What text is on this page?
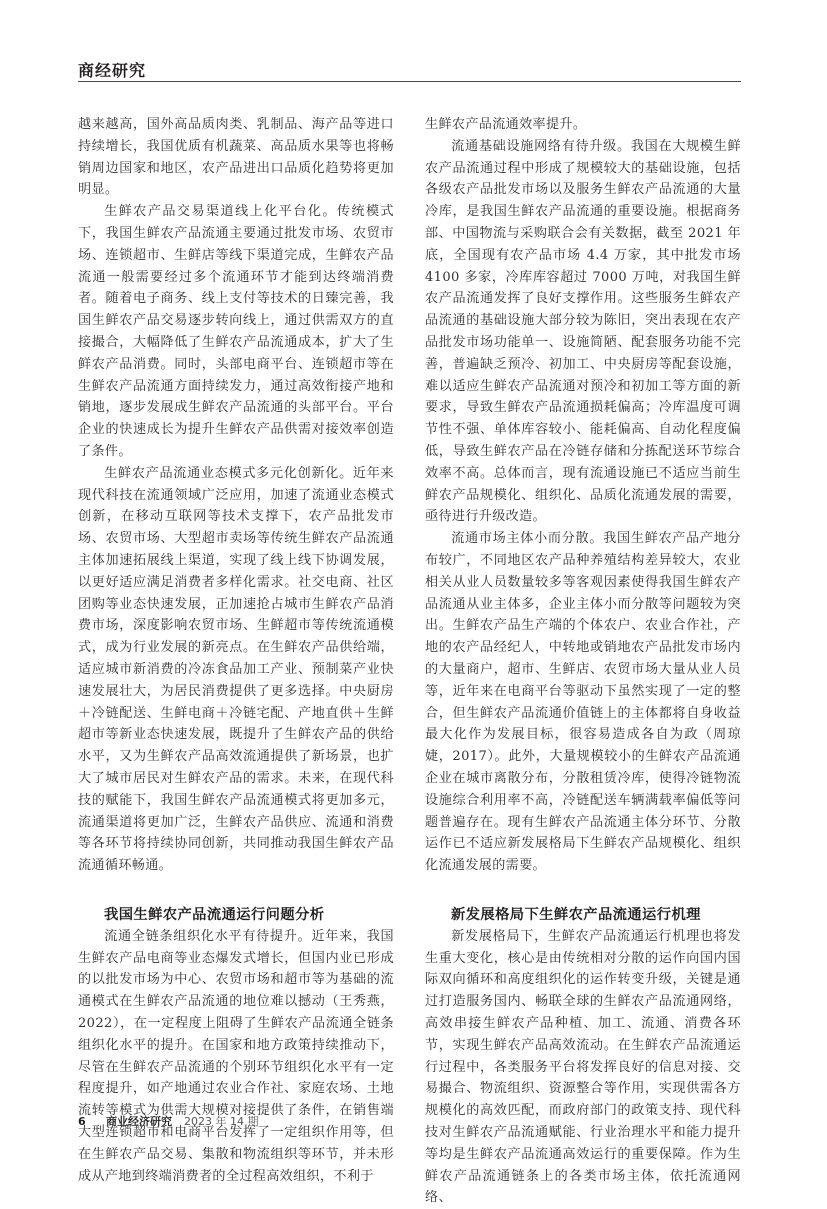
商经研究

越来越高，国外高品质肉类、乳制品、海产品等进口持续增长，我国优质有机蔬菜、高品质水果等也将畅销周边国家和地区，农产品进出口品质化趋势将更加明显。

生鲜农产品交易渠道线上化平台化。传统模式下，我国生鲜农产品流通主要通过批发市场、农贸市场、连锁超市、生鲜店等线下渠道完成，生鲜农产品流通一般需要经过多个流通环节才能到达终端消费者。随着电子商务、线上支付等技术的日臻完善，我国生鲜农产品交易逐步转向线上，通过供需双方的直接撮合，大幅降低了生鲜农产品流通成本，扩大了生鲜农产品消费。同时，头部电商平台、连锁超市等在生鲜农产品流通方面持续发力，通过高效衔接产地和销地，逐步发展成生鲜农产品流通的头部平台。平台企业的快速成长为提升生鲜农产品供需对接效率创造了条件。

生鲜农产品流通业态模式多元化创新化。近年来现代科技在流通领域广泛应用，加速了流通业态模式创新，在移动互联网等技术支撑下，农产品批发市场、农贸市场、大型超市卖场等传统生鲜农产品流通主体加速拓展线上渠道，实现了线上线下协调发展，以更好适应满足消费者多样化需求。社交电商、社区团购等业态快速发展，正加速抢占城市生鲜农产品消费市场，深度影响农贸市场、生鲜超市等传统流通模式，成为行业发展的新亮点。在生鲜农产品供给端，适应城市新消费的冷冻食品加工产业、预制菜产业快速发展壮大，为居民消费提供了更多选择。中央厨房＋冷链配送、生鲜电商＋冷链宅配、产地直供＋生鲜超市等新业态快速发展，既提升了生鲜农产品的供给水平，又为生鲜农产品高效流通提供了新场景，也扩大了城市居民对生鲜农产品的需求。未来，在现代科技的赋能下，我国生鲜农产品流通模式将更加多元，流通渠道将更加广泛，生鲜农产品供应、流通和消费等各环节将持续协同创新，共同推动我国生鲜农产品流通循环畅通。

我国生鲜农产品流通运行问题分析

流通全链条组织化水平有待提升。近年来，我国生鲜农产品电商等业态爆发式增长，但国内业已形成的以批发市场为中心、农贸市场和超市等为基础的流通模式在生鲜农产品流通的地位难以撼动（王秀燕，2022），在一定程度上阻碍了生鲜农产品流通全链条组织化水平的提升。在国家和地方政策持续推动下，尽管在生鲜农产品流通的个别环节组织化水平有一定程度提升，如产地通过农业合作社、家庭农场、土地流转等模式为供需大规模对接提供了条件，在销售端大型连锁超市和电商平台发挥了一定组织作用等，但在生鲜农产品交易、集散和物流组织等环节，并未形成从产地到终端消费者的全过程高效组织，不利于

生鲜农产品流通效率提升。

流通基础设施网络有待升级。我国在大规模生鲜农产品流通过程中形成了规模较大的基础设施，包括各级农产品批发市场以及服务生鲜农产品流通的大量冷库，是我国生鲜农产品流通的重要设施。根据商务部、中国物流与采购联合会有关数据，截至 2021 年底，全国现有农产品市场 4.4 万家，其中批发市场 4100 多家，冷库库容超过 7000 万吨，对我国生鲜农产品流通发挥了良好支撑作用。这些服务生鲜农产品流通的基础设施大部分较为陈旧，突出表现在农产品批发市场功能单一、设施简陋、配套服务功能不完善，普遍缺乏预冷、初加工、中央厨房等配套设施，难以适应生鲜农产品流通对预冷和初加工等方面的新要求，导致生鲜农产品流通损耗偏高；冷库温度可调节性不强、单体库容较小、能耗偏高、自动化程度偏低，导致生鲜农产品在冷链存储和分拣配送环节综合效率不高。总体而言，现有流通设施已不适应当前生鲜农产品规模化、组织化、品质化流通发展的需要，亟待进行升级改造。

流通市场主体小而分散。我国生鲜农产品产地分布较广，不同地区农产品种养殖结构差异较大，农业相关从业人员数量较多等客观因素使得我国生鲜农产品流通从业主体多，企业主体小而分散等问题较为突出。生鲜农产品生产端的个体农户、农业合作社，产地的农产品经纪人，中转地或销地农产品批发市场内的大量商户，超市、生鲜店、农贸市场大量从业人员等，近年来在电商平台等驱动下虽然实现了一定的整合，但生鲜农产品流通价值链上的主体都将自身收益最大化作为发展目标，很容易造成各自为政（周琼婕，2017）。此外，大量规模较小的生鲜农产品流通企业在城市离散分布，分散租赁冷库，使得冷链物流设施综合利用率不高，冷链配送车辆满载率偏低等问题普遍存在。现有生鲜农产品流通主体分环节、分散运作已不适应新发展格局下生鲜农产品规模化、组织化流通发展的需要。

新发展格局下生鲜农产品流通运行机理

新发展格局下，生鲜农产品流通运行机理也将发生重大变化，核心是由传统相对分散的运作向国内国际双向循环和高度组织化的运作转变升级，关键是通过打造服务国内、畅联全球的生鲜农产品流通网络，高效串接生鲜农产品种植、加工、流通、消费各环节，实现生鲜农产品高效流动。在生鲜农产品流通运行过程中，各类服务平台将发挥良好的信息对接、交易撮合、物流组织、资源整合等作用，实现供需各方规模化的高效匹配，而政府部门的政策支持、现代科技对生鲜农产品流通赋能、行业治理水平和能力提升等均是生鲜农产品流通高效运行的重要保障。作为生鲜农产品流通链条上的各类市场主体，依托流通网络、

6	商业经济研究 2023 年 14 期
